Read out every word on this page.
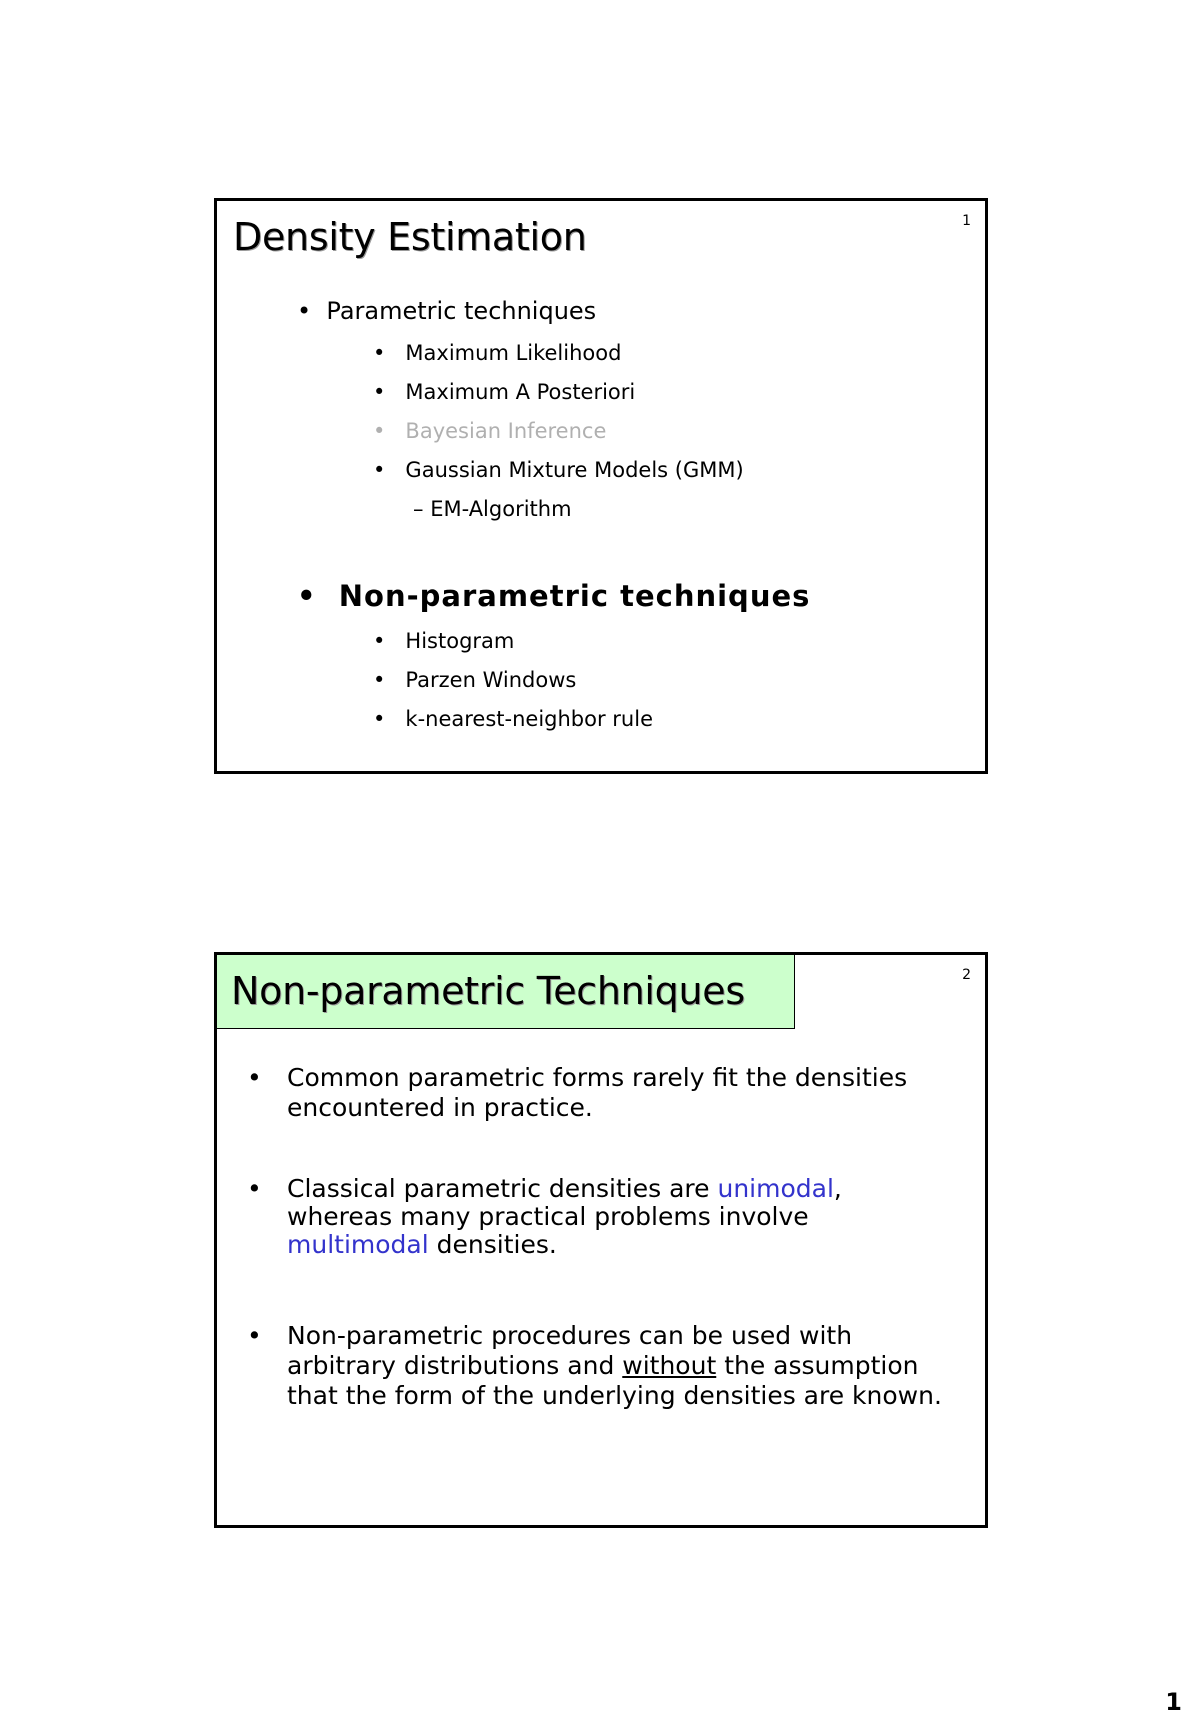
1
Density Estimation
• Parametric techniques
• Maximum Likelihood
• Maximum A Posteriori
• Bayesian Inference
• Gaussian Mixture Models (GMM)
– EM-Algorithm
• Non-parametric techniques
• Histogram
• Parzen Windows
• k-nearest-neighbor rule
2
Non-parametric Techniques
• Common parametric forms rarely fit the densities
encountered in practice.
• Classical parametric densities are unimodal,
whereas many practical problems involve
multimodal densities.
• Non-parametric procedures can be used with
arbitrary distributions and without the assumption
that the form of the underlying densities are known.
1
